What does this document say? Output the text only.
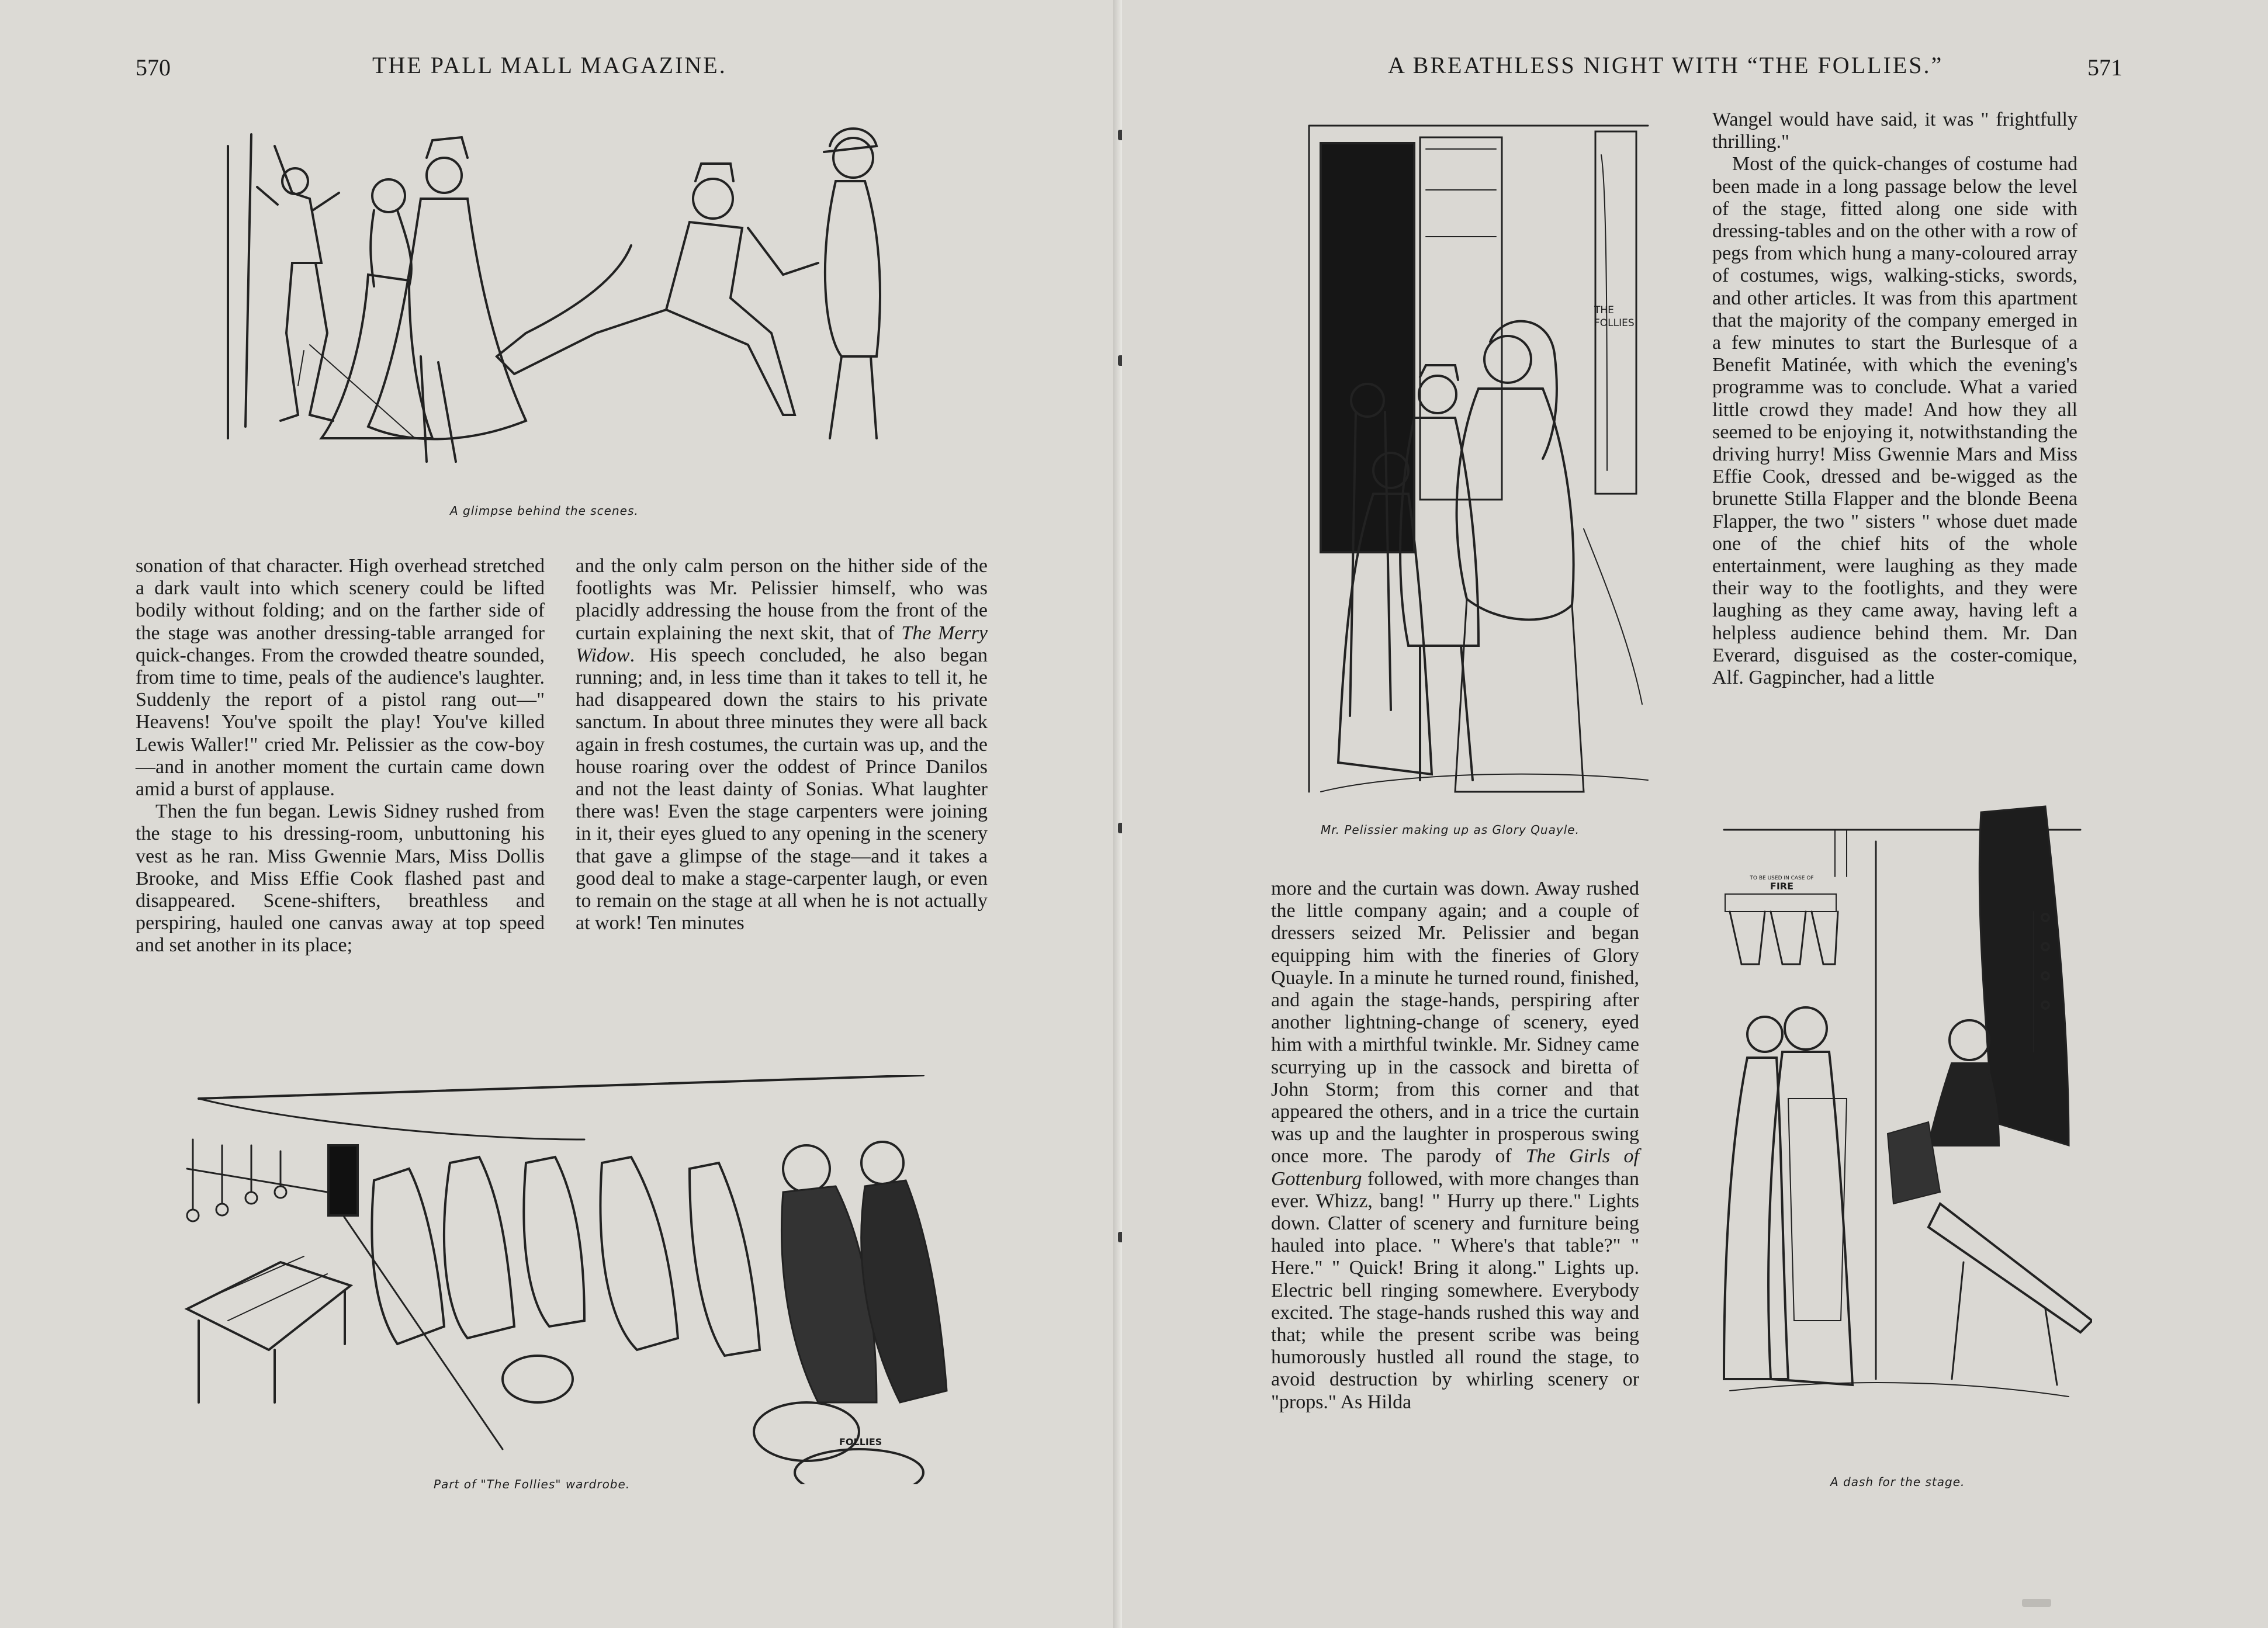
570	THE PALL MALL MAGAZINE.
A glimpse behind the scenes.

sonation of that character. High overhead stretched a dark vault into which scenery could be lifted bodily without folding; and on the farther side of the stage was another dressing-table arranged for quick-changes. From the crowded theatre sounded, from time to time, peals of the audience's laughter. Suddenly the report of a pistol rang out—" Heavens! You've spoilt the play! You've killed Lewis Waller!" cried Mr. Pelissier as the cow-boy—and in another moment the curtain came down amid a burst of applause.

Then the fun began. Lewis Sidney rushed from the stage to his dressing-room, unbuttoning his vest as he ran. Miss Gwennie Mars, Miss Dollis Brooke, and Miss Effie Cook flashed past and disappeared. Scene-shifters, breathless and perspiring, hauled one canvas away at top speed and set another in its place;

and the only calm person on the hither side of the footlights was Mr. Pelissier himself, who was placidly addressing the house from the front of the curtain explaining the next skit, that of The Merry Widow. His speech concluded, he also began running; and, in less time than it takes to tell it, he had disappeared down the stairs to his private sanctum. In about three minutes they were all back again in fresh costumes, the curtain was up, and the house roaring over the oddest of Prince Danilos and not the least dainty of Sonias. What laughter there was! Even the stage carpenters were joining in it, their eyes glued to any opening in the scenery that gave a glimpse of the stage—and it takes a good deal to make a stage-carpenter laugh, or even to remain on the stage at all when he is not actually at work! Ten minutes

FOLLIES
Part of "The Follies" wardrobe.
A BREATHLESS NIGHT WITH “THE FOLLIES.”	571
THE FOLLIES
Mr. Pelissier making up as Glory Quayle.

Wangel would have said, it was " frightfully thrilling."

Most of the quick-changes of costume had been made in a long passage below the level of the stage, fitted along one side with dressing-tables and on the other with a row of pegs from which hung a many-coloured array of costumes, wigs, walking-sticks, swords, and other articles. It was from this apartment that the majority of the company emerged in a few minutes to start the Burlesque of a Benefit Matinée, with which the evening's programme was to conclude. What a varied little crowd they made! And how they all seemed to be enjoying it, notwithstanding the driving hurry! Miss Gwennie Mars and Miss Effie Cook, dressed and be-wigged as the brunette Stilla Flapper and the blonde Beena Flapper, the two " sisters " whose duet made one of the chief hits of the whole entertainment, were laughing as they made their way to the footlights, and they were laughing as they came away, having left a helpless audience behind them. Mr. Dan Everard, disguised as the coster-comique, Alf. Gagpincher, had a little

more and the curtain was down. Away rushed the little company again; and a couple of dressers seized Mr. Pelissier and began equipping him with the fineries of Glory Quayle. In a minute he turned round, finished, and again the stage-hands, perspiring after another lightning-change of scenery, eyed him with a mirthful twinkle. Mr. Sidney came scurrying up in the cassock and biretta of John Storm; from this corner and that appeared the others, and in a trice the curtain was up and the laughter in prosperous swing once more. The parody of The Girls of Gottenburg followed, with more changes than ever. Whizz, bang! " Hurry up there." Lights down. Clatter of scenery and furniture being hauled into place. " Where's that table?" " Here." " Quick! Bring it along." Lights up. Electric bell ringing somewhere. Everybody excited. The stage-hands rushed this way and that; while the present scribe was being humorously hustled all round the stage, to avoid destruction by whirling scenery or "props." As Hilda

TO BE USED IN CASE OF
FIRE
A dash for the stage.
